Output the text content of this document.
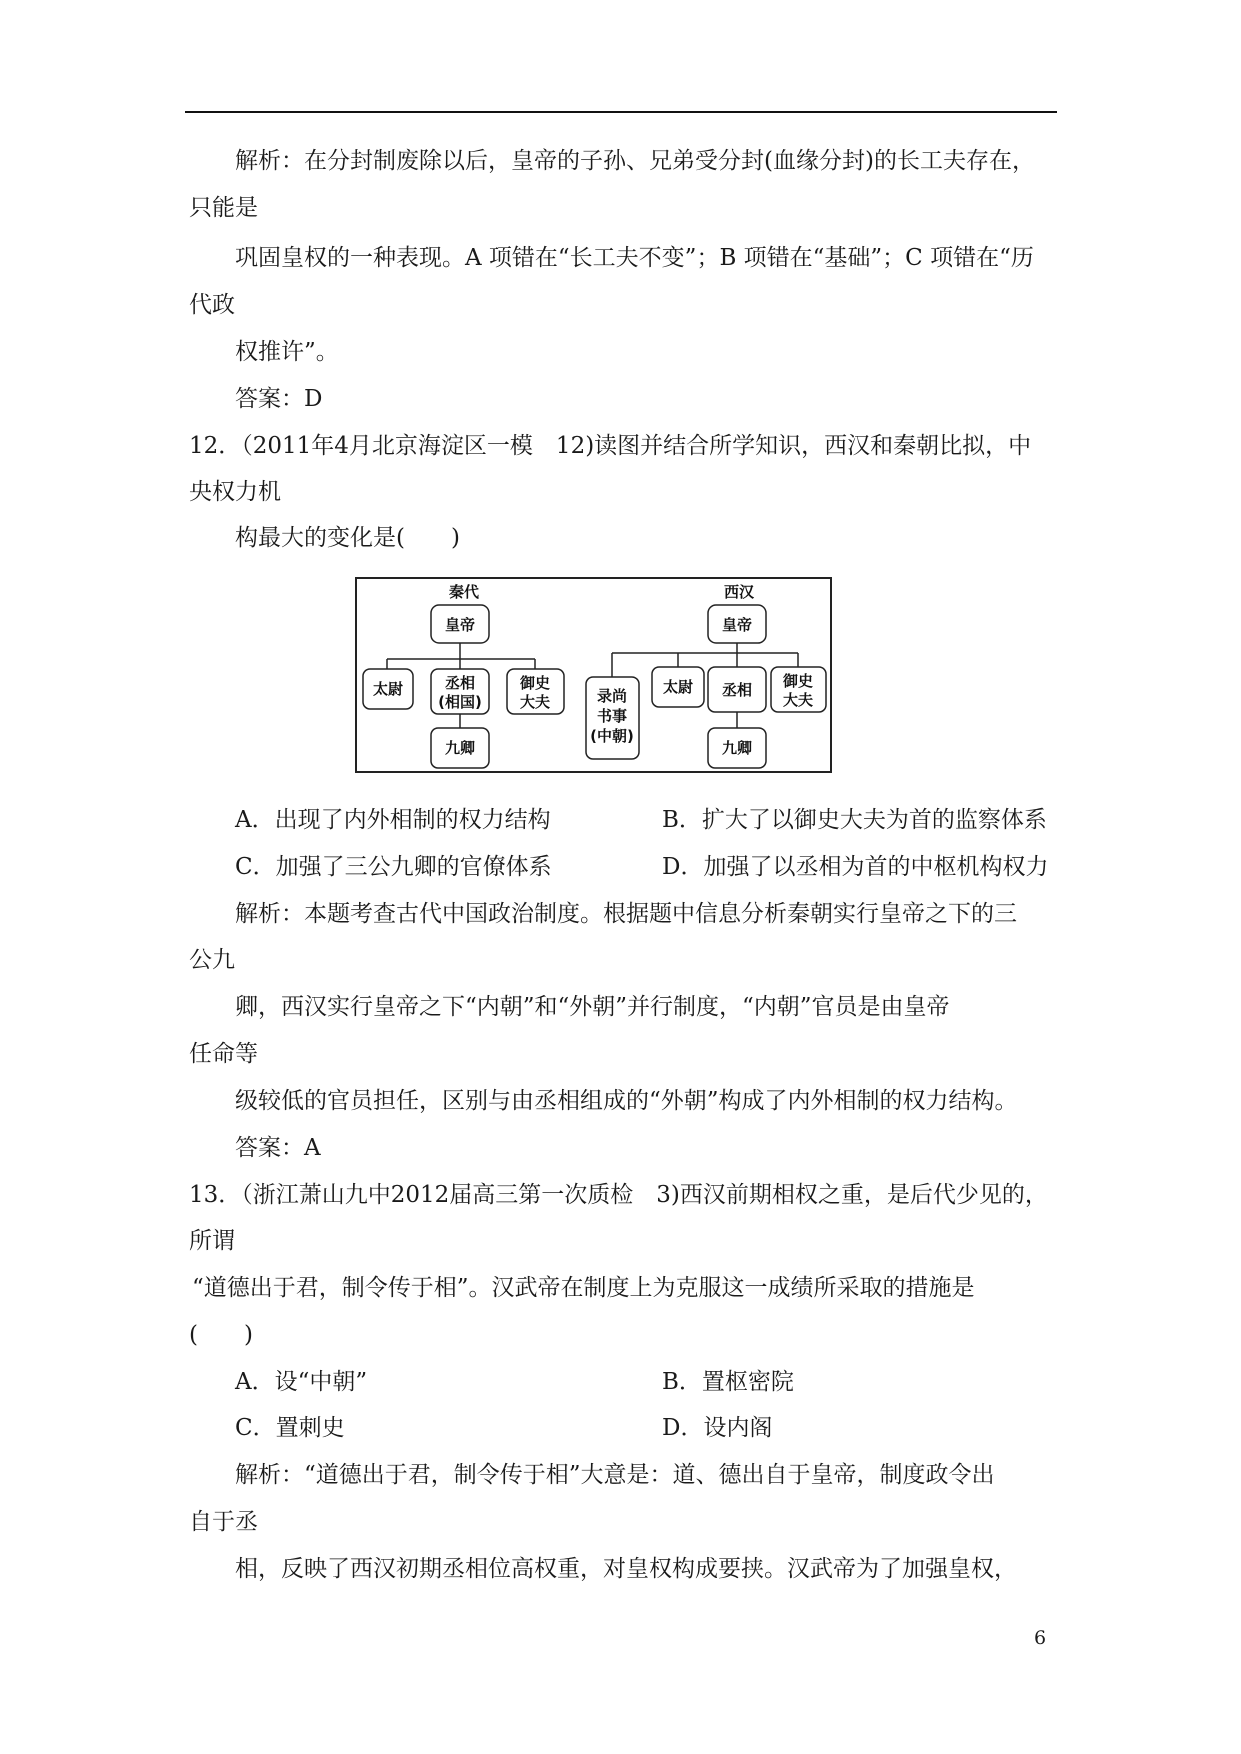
解析：在分封制废除以后，皇帝的子孙、兄弟受分封(血缘分封)的长工夫存在，
只能是
巩固皇权的一种表现。A 项错在“长工夫不变”；B 项错在“基础”；C 项错在“历
代政
权推许”。
答案：D
12．（2011年4月北京海淀区一模　12)读图并结合所学知识，西汉和秦朝比拟，中
央权力机
构最大的变化是(　　)
秦代
皇帝
太尉	丞相
(相国)
御史
大夫
九卿
西汉
皇帝
录尚
书事
(中朝)
太尉 丞相 御史
大夫
九卿
A．出现了内外相制的权力结构	B．扩大了以御史大夫为首的监察体系
C．加强了三公九卿的官僚体系	D．加强了以丞相为首的中枢机构权力
解析：本题考查古代中国政治制度。根据题中信息分析秦朝实行皇帝之下的三
公九
卿，西汉实行皇帝之下“内朝”和“外朝”并行制度，“内朝”官员是由皇帝
任命等
级较低的官员担任，区别与由丞相组成的“外朝”构成了内外相制的权力结构。
答案：A
13．（浙江萧山九中2012届高三第一次质检　3)西汉前期相权之重，是后代少见的，
所谓
“道德出于君，制令传于相”。汉武帝在制度上为克服这一成绩所采取的措施是
(　　)
A．设“中朝”	B．置枢密院
C．置刺史	D．设内阁
解析：“道德出于君，制令传于相”大意是：道、德出自于皇帝，制度政令出
自于丞
相，反映了西汉初期丞相位高权重，对皇权构成要挟。汉武帝为了加强皇权，
6
